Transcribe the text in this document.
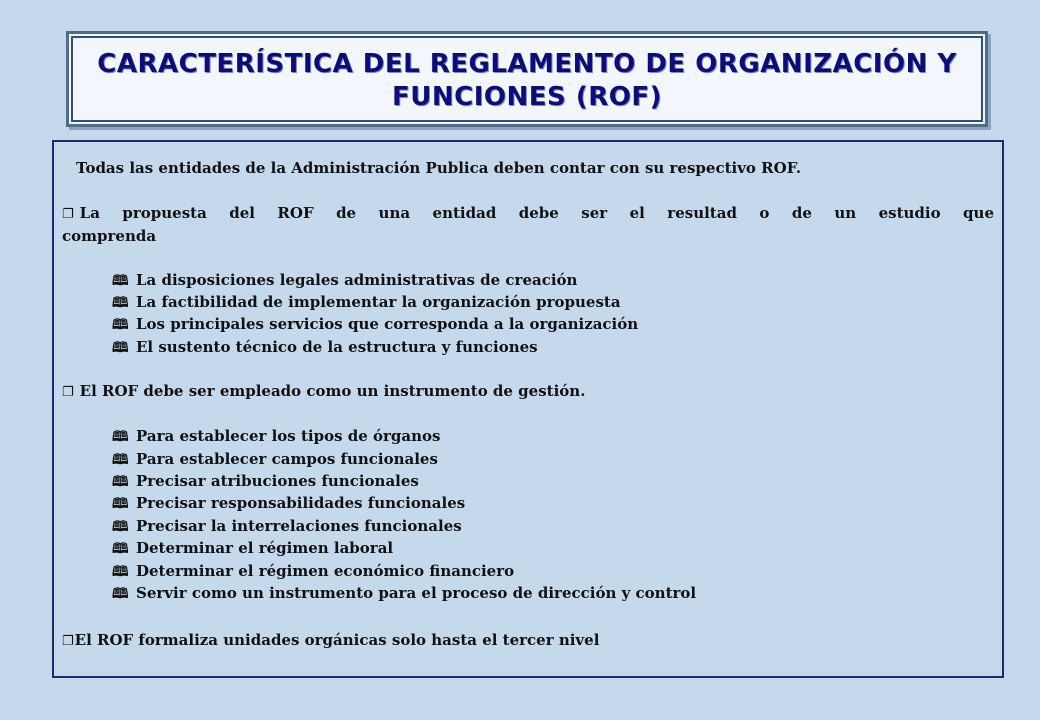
CARACTERÍSTICA DEL REGLAMENTO DE ORGANIZACIÓN Y
FUNCIONES (ROF)
Todas las entidades de la Administración Publica deben contar con su respectivo ROF.
❐ La propuesta del ROF de una entidad debe ser el resultad o de un estudio que
comprenda
🕮 La disposiciones legales administrativas de creación
🕮 La factibilidad de implementar la organización propuesta
🕮 Los principales servicios que corresponda a la organización
🕮 El sustento técnico de la estructura y funciones
❐ El ROF debe ser empleado como un instrumento de gestión.
🕮 Para establecer los tipos de órganos
🕮 Para establecer campos funcionales
🕮 Precisar atribuciones funcionales
🕮 Precisar responsabilidades funcionales
🕮 Precisar la interrelaciones funcionales
🕮 Determinar el régimen laboral
🕮 Determinar el régimen económico financiero
🕮 Servir como un instrumento para el proceso de dirección y control
❐El ROF formaliza unidades orgánicas solo hasta el tercer nivel
